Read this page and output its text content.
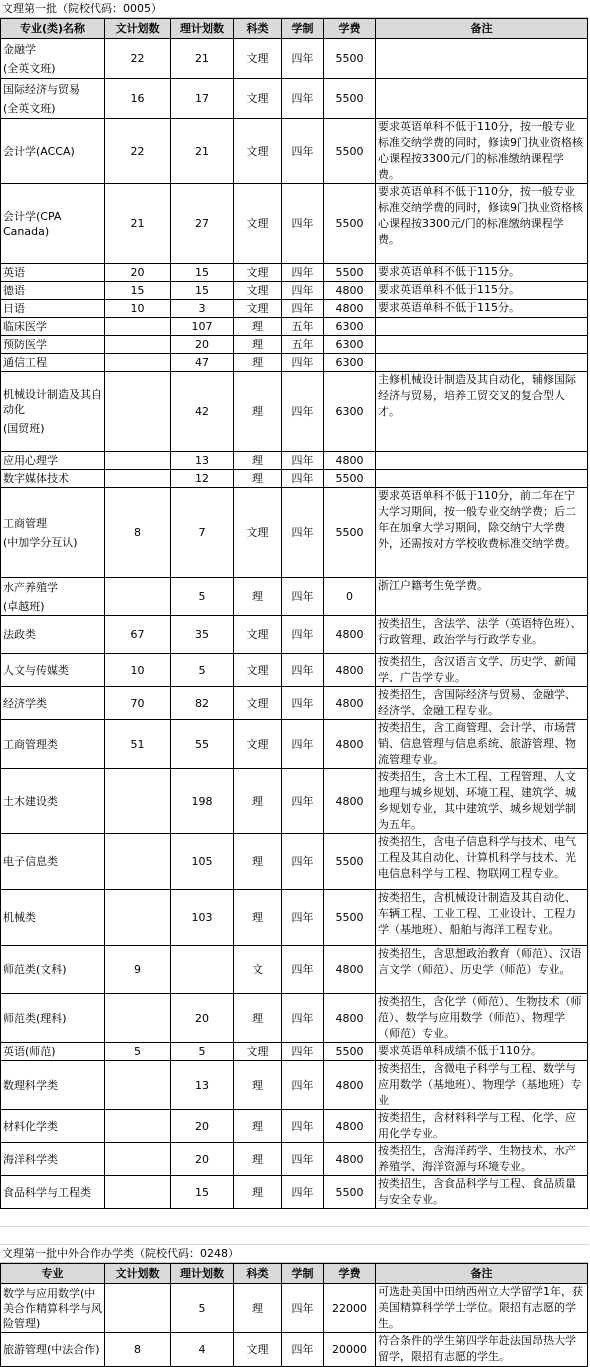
文理第一批（院校代码：0005）
专业(类)名称	文计划数	理计划数	科类	学制	学费	备注

金融学
(全英文班)	22	21	文理	四年	5500	

国际经济与贸易
(全英文班)	16	17	文理	四年	5500	

会计学(ACCA)	22	21	文理	四年	5500	要求英语单科不低于110分，按一般专业标准交纳学费的同时，修读9门执业资格核心课程按3300元/门的标准缴纳课程学费。

会计学(CPA Canada)	21	27	文理	四年	5500	要求英语单科不低于110分，按一般专业标准交纳学费的同时，修读9门执业资格核心课程按3300元/门的标准缴纳课程学费。

英语	20	15	文理	四年	5500	要求英语单科不低于115分。

德语	15	15	文理	四年	4800	要求英语单科不低于115分。

日语	10	3	文理	四年	4800	要求英语单科不低于115分。

临床医学		107	理	五年	6300	

预防医学		20	理	五年	6300	

通信工程		47	理	四年	6300	

机械设计制造及其自动化
(国贸班)		42	理	四年	6300	主修机械设计制造及其自动化，辅修国际经济与贸易，培养工贸交叉的复合型人才。

应用心理学		13	理	四年	4800	

数字媒体技术		12	理	四年	5500	

工商管理
(中加学分互认)	8	7	文理	四年	5500	要求英语单科不低于110分，前二年在宁大学习期间，按一般专业交纳学费；后二年在加拿大学习期间，除交纳宁大学费外，还需按对方学校收费标准交纳学费。

水产养殖学
(卓越班)		5	理	四年	0	浙江户籍考生免学费。

法政类	67	35	文理	四年	4800	按类招生，含法学、法学（英语特色班）、行政管理、政治学与行政学专业。

人文与传媒类	10	5	文理	四年	4800	按类招生，含汉语言文学、历史学、新闻学、广告学专业。

经济学类	70	82	文理	四年	4800	按类招生，含国际经济与贸易、金融学、经济学、金融工程专业。

工商管理类	51	55	文理	四年	4800	按类招生，含工商管理、会计学、市场营销、信息管理与信息系统、旅游管理、物流管理专业。

土木建设类		198	理	四年	4800	按类招生，含土木工程、工程管理、人文地理与城乡规划、环境工程、建筑学、城乡规划专业，其中建筑学、城乡规划学制为五年。

电子信息类		105	理	四年	5500	按类招生，含电子信息科学与技术、电气工程及其自动化、计算机科学与技术、光电信息科学与工程、物联网工程专业。

机械类		103	理	四年	5500	按类招生，含机械设计制造及其自动化、车辆工程、工业工程、工业设计、工程力学（基地班）、船舶与海洋工程专业。

师范类(文科)	9		文	四年	4800	按类招生，含思想政治教育（师范）、汉语言文学（师范）、历史学（师范）专业。

师范类(理科)		20	理	四年	4800	按类招生，含化学（师范）、生物技术（师范）、数学与应用数学（师范）、物理学（师范）专业。

英语(师范)	5	5	文理	四年	5500	要求英语单科成绩不低于110分。

数理科学类		13	理	四年	4800	按类招生，含微电子科学与工程、数学与应用数学（基地班）、物理学（基地班）专业

材料化学类		20	理	四年	4800	按类招生，含材料科学与工程、化学、应用化学专业。

海洋科学类		20	理	四年	4800	按类招生，含海洋药学、生物技术、水产养殖学、海洋资源与环境专业。

食品科学与工程类		15	理	四年	5500	按类招生，含食品科学与工程、食品质量与安全专业。
文理第一批中外合作办学类（院校代码：0248）
专业	文计划数	理计划数	科类	学制	学费	备注

数学与应用数学(中美合作精算科学与风险管理)		5	理	四年	22000	可选赴美国中田纳西州立大学留学1年，获美国精算科学学士学位。限招有志愿的学生。

旅游管理(中法合作)	8	4	文理	四年	20000	符合条件的学生第四学年赴法国昂热大学留学，限招有志愿的学生。
